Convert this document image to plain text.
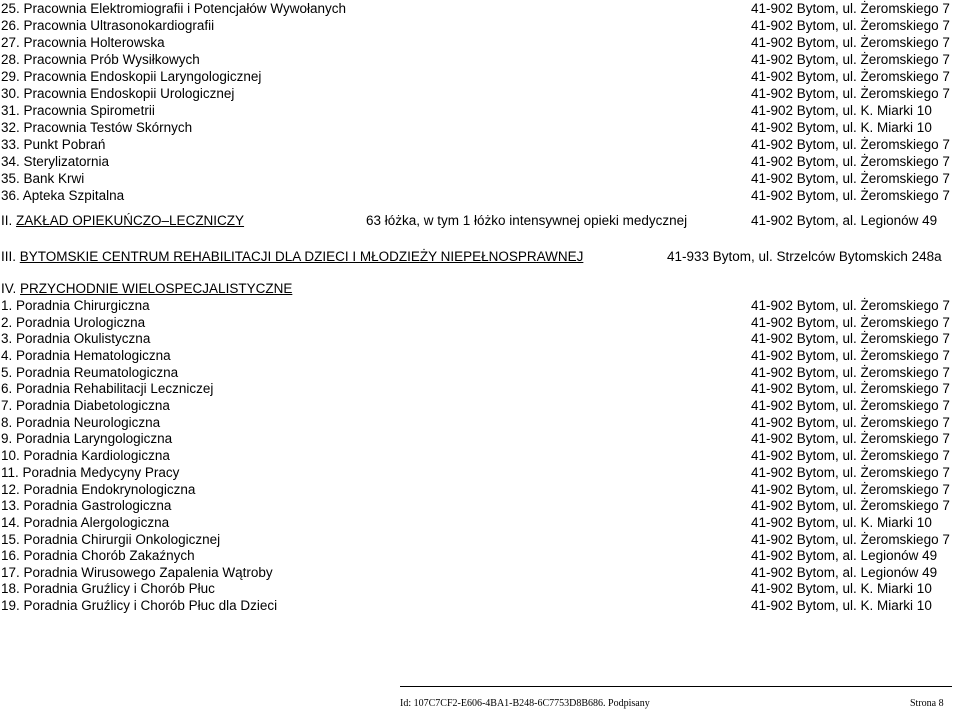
25. Pracownia Elektromiografii i Potencjałów Wywołanych	41-902 Bytom, ul. Żeromskiego 7
26. Pracownia Ultrasonokardiografii	41-902 Bytom, ul. Żeromskiego 7
27. Pracownia Holterowska	41-902 Bytom, ul. Żeromskiego 7
28. Pracownia Prób Wysiłkowych	41-902 Bytom, ul. Żeromskiego 7
29. Pracownia Endoskopii Laryngologicznej	41-902 Bytom, ul. Żeromskiego 7
30. Pracownia Endoskopii Urologicznej	41-902 Bytom, ul. Żeromskiego 7
31. Pracownia Spirometrii	41-902 Bytom, ul. K. Miarki 10
32. Pracownia Testów Skórnych	41-902 Bytom, ul. K. Miarki 10
33. Punkt Pobrań	41-902 Bytom, ul. Żeromskiego 7
34. Sterylizatornia	41-902 Bytom, ul. Żeromskiego 7
35. Bank Krwi	41-902 Bytom, ul. Żeromskiego 7
36. Apteka Szpitalna	41-902 Bytom, ul. Żeromskiego 7
II. ZAKŁAD OPIEKUŃCZO–LECZNICZY	63 łóżka, w tym 1 łóżko intensywnej opieki medycznej	41-902 Bytom, al. Legionów 49
III. BYTOMSKIE CENTRUM REHABILITACJI DLA DZIECI I MŁODZIEŻY NIEPEŁNOSPRAWNEJ	41-933 Bytom, ul. Strzelców Bytomskich 248a
IV. PRZYCHODNIE WIELOSPECJALISTYCZNE
1. Poradnia Chirurgiczna	41-902 Bytom, ul. Żeromskiego 7
2. Poradnia Urologiczna	41-902 Bytom, ul. Żeromskiego 7
3. Poradnia Okulistyczna	41-902 Bytom, ul. Żeromskiego 7
4. Poradnia Hematologiczna	41-902 Bytom, ul. Żeromskiego 7
5. Poradnia Reumatologiczna	41-902 Bytom, ul. Żeromskiego 7
6. Poradnia Rehabilitacji Leczniczej	41-902 Bytom, ul. Żeromskiego 7
7. Poradnia Diabetologiczna	41-902 Bytom, ul. Żeromskiego 7
8. Poradnia Neurologiczna	41-902 Bytom, ul. Żeromskiego 7
9. Poradnia Laryngologiczna	41-902 Bytom, ul. Żeromskiego 7
10. Poradnia Kardiologiczna	41-902 Bytom, ul. Żeromskiego 7
11. Poradnia Medycyny Pracy	41-902 Bytom, ul. Żeromskiego 7
12. Poradnia Endokrynologiczna	41-902 Bytom, ul. Żeromskiego 7
13. Poradnia Gastrologiczna	41-902 Bytom, ul. Żeromskiego 7
14. Poradnia Alergologiczna	41-902 Bytom, ul. K. Miarki 10
15. Poradnia Chirurgii Onkologicznej	41-902 Bytom, ul. Żeromskiego 7
16. Poradnia Chorób Zakaźnych	41-902 Bytom, al. Legionów 49
17. Poradnia Wirusowego Zapalenia Wątroby	41-902 Bytom, al. Legionów 49
18. Poradnia Gruźlicy i Chorób Płuc	41-902 Bytom, ul. K. Miarki 10
19. Poradnia Gruźlicy i Chorób Płuc dla Dzieci	41-902 Bytom, ul. K. Miarki 10
Id: 107C7CF2-E606-4BA1-B248-6C7753D8B686. Podpisany	Strona 8
